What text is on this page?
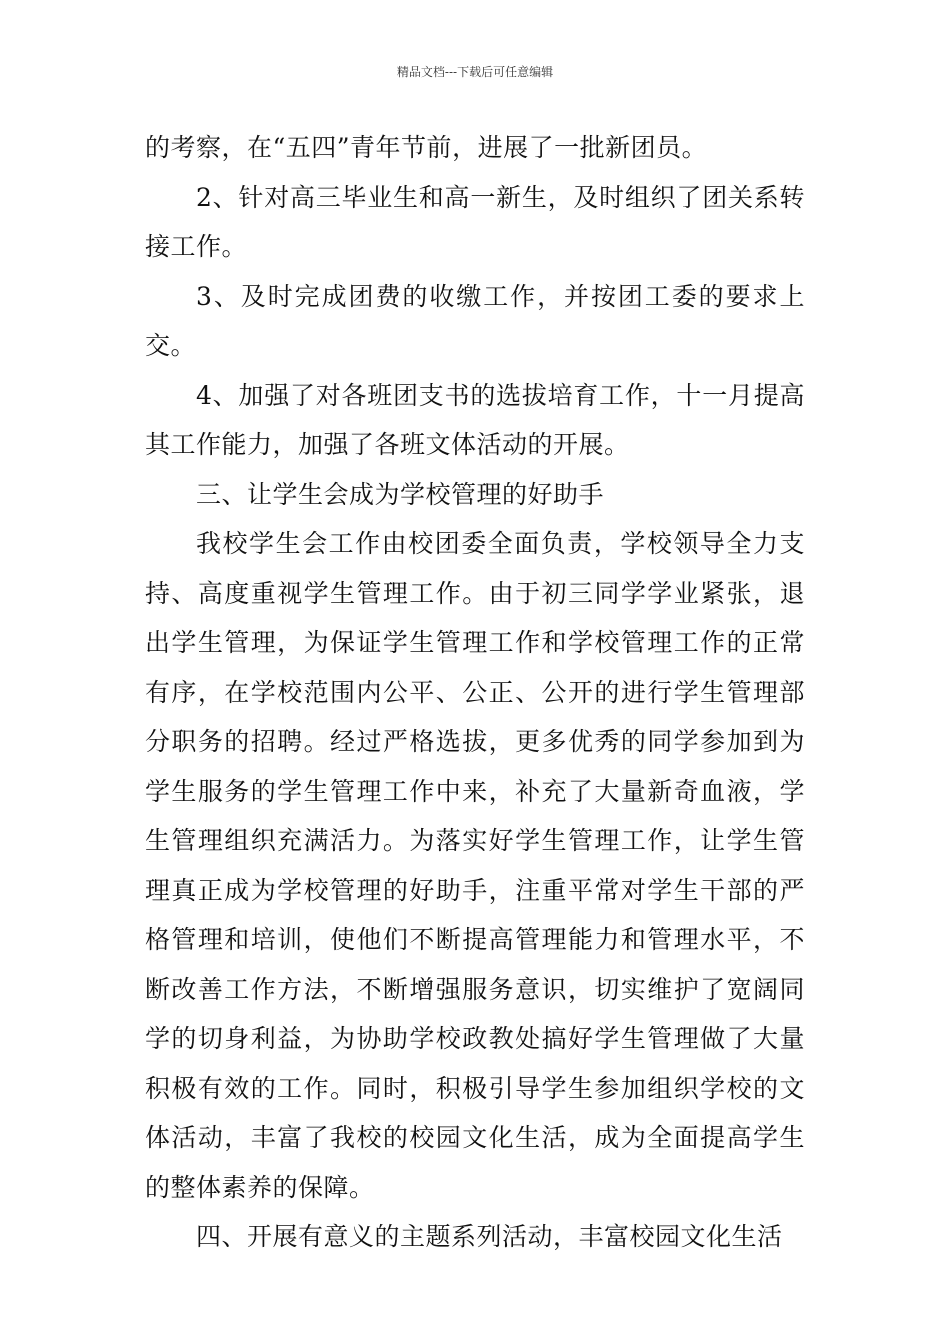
精品文档---下载后可任意编辑

的考察，在“五四”青年节前，进展了一批新团员。

2、针对高三毕业生和高一新生，及时组织了团关系转接工作。

3、及时完成团费的收缴工作，并按团工委的要求上交。

4、加强了对各班团支书的选拔培育工作，十一月提高其工作能力，加强了各班文体活动的开展。

三、让学生会成为学校管理的好助手

我校学生会工作由校团委全面负责，学校领导全力支持、高度重视学生管理工作。由于初三同学学业紧张，退出学生管理，为保证学生管理工作和学校管理工作的正常有序，在学校范围内公平、公正、公开的进行学生管理部分职务的招聘。经过严格选拔，更多优秀的同学参加到为学生服务的学生管理工作中来，补充了大量新奇血液，学生管理组织充满活力。为落实好学生管理工作，让学生管理真正成为学校管理的好助手，注重平常对学生干部的严格管理和培训，使他们不断提高管理能力和管理水平，不断改善工作方法，不断增强服务意识，切实维护了宽阔同学的切身利益，为协助学校政教处搞好学生管理做了大量积极有效的工作。同时，积极引导学生参加组织学校的文体活动，丰富了我校的校园文化生活，成为全面提高学生的整体素养的保障。

四、开展有意义的主题系列活动，丰富校园文化生活
